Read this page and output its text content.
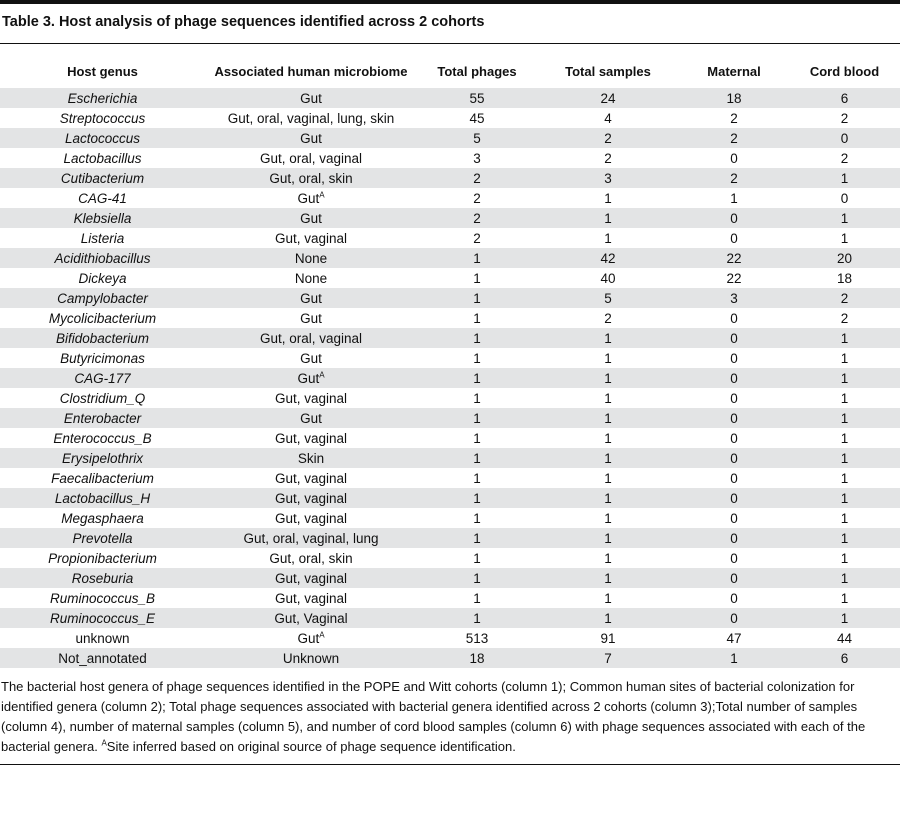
Table 3. Host analysis of phage sequences identified across 2 cohorts
Host genus	Associated human microbiome	Total phages	Total samples	Maternal	Cord blood
Escherichia	Gut	55	24	18	6
Streptococcus	Gut, oral, vaginal, lung, skin	45	4	2	2
Lactococcus	Gut	5	2	2	0
Lactobacillus	Gut, oral, vaginal	3	2	0	2
Cutibacterium	Gut, oral, skin	2	3	2	1
CAG-41	Gut$^A$	2	1	1	0
Klebsiella	Gut	2	1	0	1
Listeria	Gut, vaginal	2	1	0	1
Acidithiobacillus	None	1	42	22	20
Dickeya	None	1	40	22	18
Campylobacter	Gut	1	5	3	2
Mycolicibacterium	Gut	1	2	0	2
Bifidobacterium	Gut, oral, vaginal	1	1	0	1
Butyricimonas	Gut	1	1	0	1
CAG-177	Gut$^A$	1	1	0	1
Clostridium_Q	Gut, vaginal	1	1	0	1
Enterobacter	Gut	1	1	0	1
Enterococcus_B	Gut, vaginal	1	1	0	1
Erysipelothrix	Skin	1	1	0	1
Faecalibacterium	Gut, vaginal	1	1	0	1
Lactobacillus_H	Gut, vaginal	1	1	0	1
Megasphaera	Gut, vaginal	1	1	0	1
Prevotella	Gut, oral, vaginal, lung	1	1	0	1
Propionibacterium	Gut, oral, skin	1	1	0	1
Roseburia	Gut, vaginal	1	1	0	1
Ruminococcus_B	Gut, vaginal	1	1	0	1
Ruminococcus_E	Gut, Vaginal	1	1	0	1
unknown	Gut$^A$	513	91	47	44
Not_annotated	Unknown	18	7	1	6
The bacterial host genera of phage sequences identified in the POPE and Witt cohorts (column 1); Common human sites of bacterial colonization for identified genera (column 2); Total phage sequences associated with bacterial genera identified across 2 cohorts (column 3);Total number of samples (column 4), number of maternal samples (column 5), and number of cord blood samples (column 6) with phage sequences associated with each of the bacterial genera. $^A$Site inferred based on original source of phage sequence identification.
